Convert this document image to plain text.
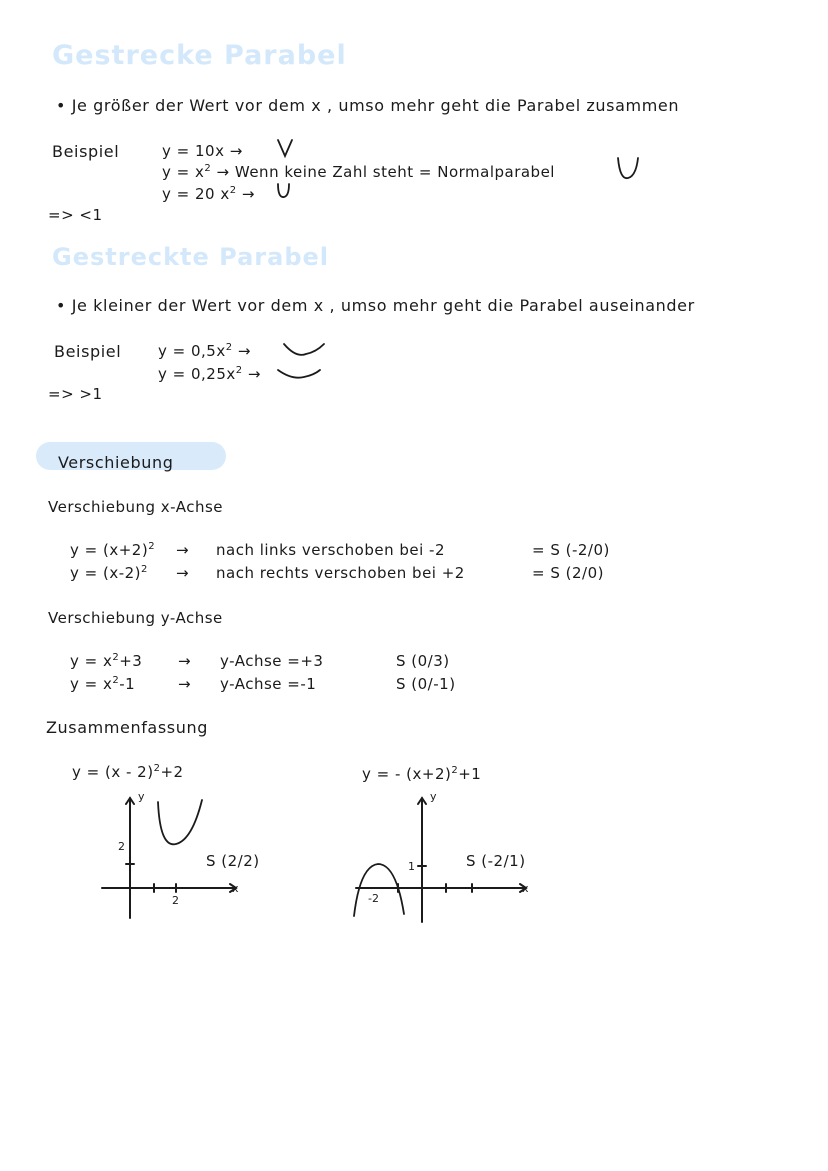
Gestrecke Parabel
• Je größer der Wert vor dem x , umso mehr geht die Parabel zusammen
Beispiel	y = 10x →
$y = x^2$ → Wenn keine Zahl steht = Normalparabel
y = 20 $x^2$ →
=> <1
Gestreckte Parabel
• Je kleiner der Wert vor dem x , umso mehr geht die Parabel auseinander
Beispiel $y = 0,5x^2$ →
$y = 0,25x^2$ →
=> >1
Verschiebung
Verschiebung x-Achse
$y = (x+2)^2$ → nach links verschoben bei -2	= S (-2/0)
$y = (x-2)^2$ → nach rechts verschoben bei +2	= S (2/0)
Verschiebung y-Achse
$y = x^2+3$ → y-Achse =+3	S (0/3)
$y = x^2-1$	→ y-Achse =-1	S (0/-1)
Zusammenfassung
y = (x - 2)$^2$+2	y = - $(x+2)^2+1$
y
x
2
2
S (2/2)
y
x
1
-2
S (-2/1)
